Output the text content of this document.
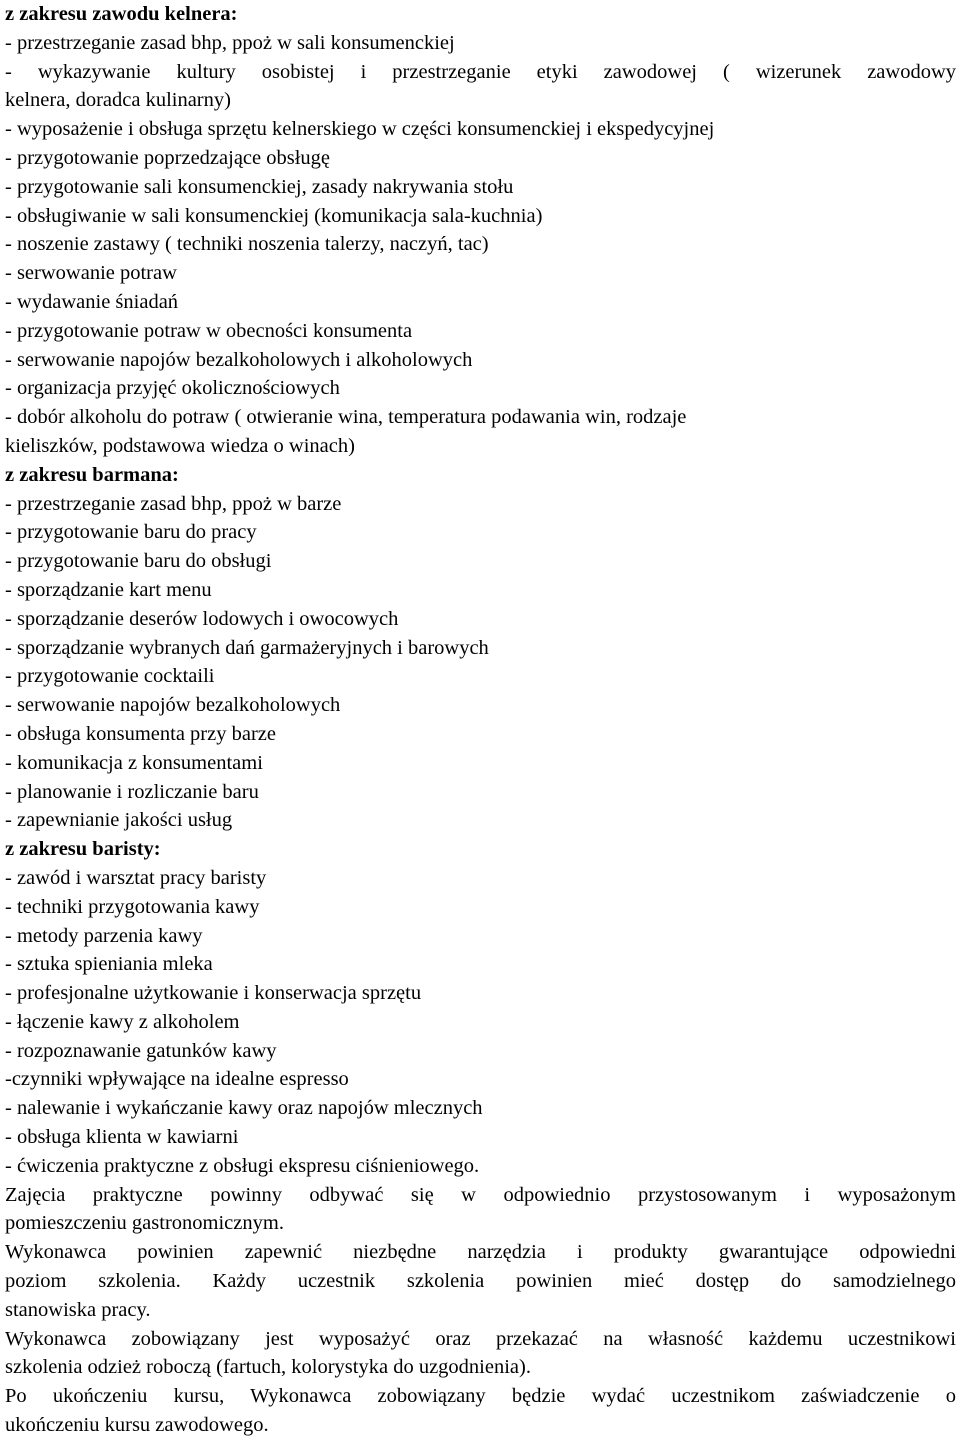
z zakresu zawodu kelnera:
- przestrzeganie zasad bhp, ppoż w sali konsumenckiej
- wykazywanie kultury osobistej i przestrzeganie etyki zawodowej ( wizerunek zawodowy
kelnera, doradca kulinarny)
- wyposażenie i obsługa sprzętu kelnerskiego w części konsumenckiej i ekspedycyjnej
- przygotowanie poprzedzające obsługę
- przygotowanie sali konsumenckiej, zasady nakrywania stołu
- obsługiwanie w sali konsumenckiej (komunikacja sala-kuchnia)
- noszenie zastawy ( techniki noszenia talerzy, naczyń, tac)
- serwowanie potraw
- wydawanie śniadań
- przygotowanie potraw w obecności konsumenta
- serwowanie napojów bezalkoholowych i alkoholowych
- organizacja przyjęć okolicznościowych
- dobór alkoholu do potraw ( otwieranie wina, temperatura podawania win, rodzaje
kieliszków, podstawowa wiedza o winach)
z zakresu barmana:
- przestrzeganie zasad bhp, ppoż w barze
- przygotowanie baru do pracy
- przygotowanie baru do obsługi
- sporządzanie kart menu
- sporządzanie deserów lodowych i owocowych
- sporządzanie wybranych dań garmażeryjnych i barowych
- przygotowanie cocktaili
- serwowanie napojów bezalkoholowych
- obsługa konsumenta przy barze
- komunikacja z konsumentami
- planowanie i rozliczanie baru
- zapewnianie jakości usług
z zakresu baristy:
- zawód i warsztat pracy baristy
- techniki przygotowania kawy
- metody parzenia kawy
- sztuka spieniania mleka
- profesjonalne użytkowanie i konserwacja sprzętu
- łączenie kawy z alkoholem
- rozpoznawanie gatunków kawy
-czynniki wpływające na idealne espresso
- nalewanie i wykańczanie kawy oraz napojów mlecznych
- obsługa klienta w kawiarni
- ćwiczenia praktyczne z obsługi ekspresu ciśnieniowego.
Zajęcia praktyczne powinny odbywać się w odpowiednio przystosowanym i wyposażonym
pomieszczeniu gastronomicznym.
Wykonawca powinien zapewnić niezbędne narzędzia i produkty gwarantujące odpowiedni
poziom szkolenia. Każdy uczestnik szkolenia powinien mieć dostęp do samodzielnego
stanowiska pracy.
Wykonawca zobowiązany jest wyposażyć oraz przekazać na własność każdemu uczestnikowi
szkolenia odzież roboczą (fartuch, kolorystyka do uzgodnienia).
Po ukończeniu kursu, Wykonawca zobowiązany będzie wydać uczestnikom zaświadczenie o
ukończeniu kursu zawodowego.
